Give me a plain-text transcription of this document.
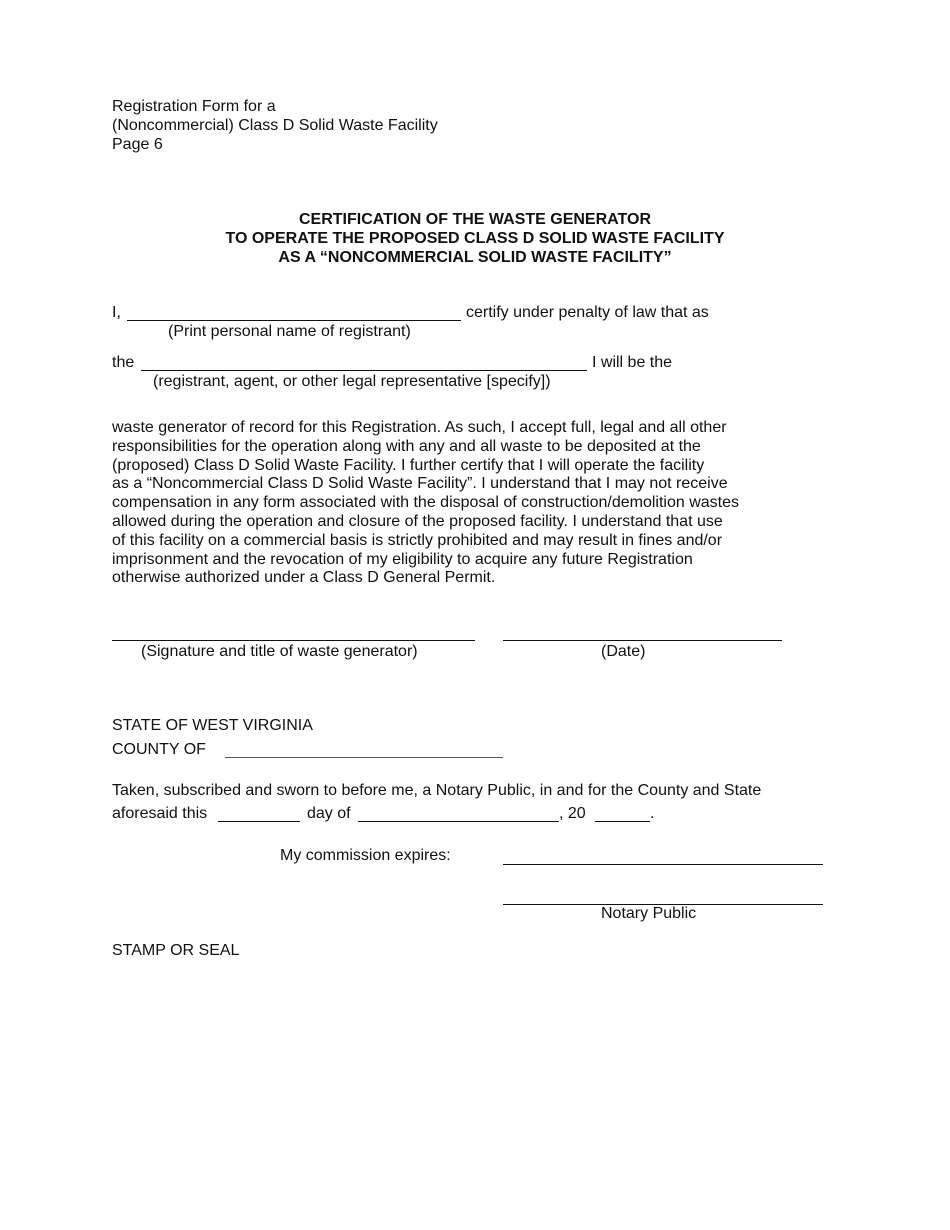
Registration Form for a
(Noncommercial) Class D Solid Waste Facility
Page 6
CERTIFICATION OF THE WASTE GENERATOR
TO OPERATE THE PROPOSED CLASS D SOLID WASTE FACILITY
AS A “NONCOMMERCIAL SOLID WASTE FACILITY”
I,	certify under penalty of law that as
(Print personal name of registrant)
the	I will be the
(registrant, agent, or other legal representative [specify])
waste generator of record for this Registration. As such, I accept full, legal and all other
responsibilities for the operation along with any and all waste to be deposited at the
(proposed) Class D Solid Waste Facility. I further certify that I will operate the facility
as a “Noncommercial Class D Solid Waste Facility”. I understand that I may not receive
compensation in any form associated with the disposal of construction/demolition wastes
allowed during the operation and closure of the proposed facility. I understand that use
of this facility on a commercial basis is strictly prohibited and may result in fines and/or
imprisonment and the revocation of my eligibility to acquire any future Registration
otherwise authorized under a Class D General Permit.
(Signature and title of waste generator)	(Date)
STATE OF WEST VIRGINIA
COUNTY OF
Taken, subscribed and sworn to before me, a Notary Public, in and for the County and State
aforesaid this	day of	, 20	.
My commission expires:
Notary Public
STAMP OR SEAL
